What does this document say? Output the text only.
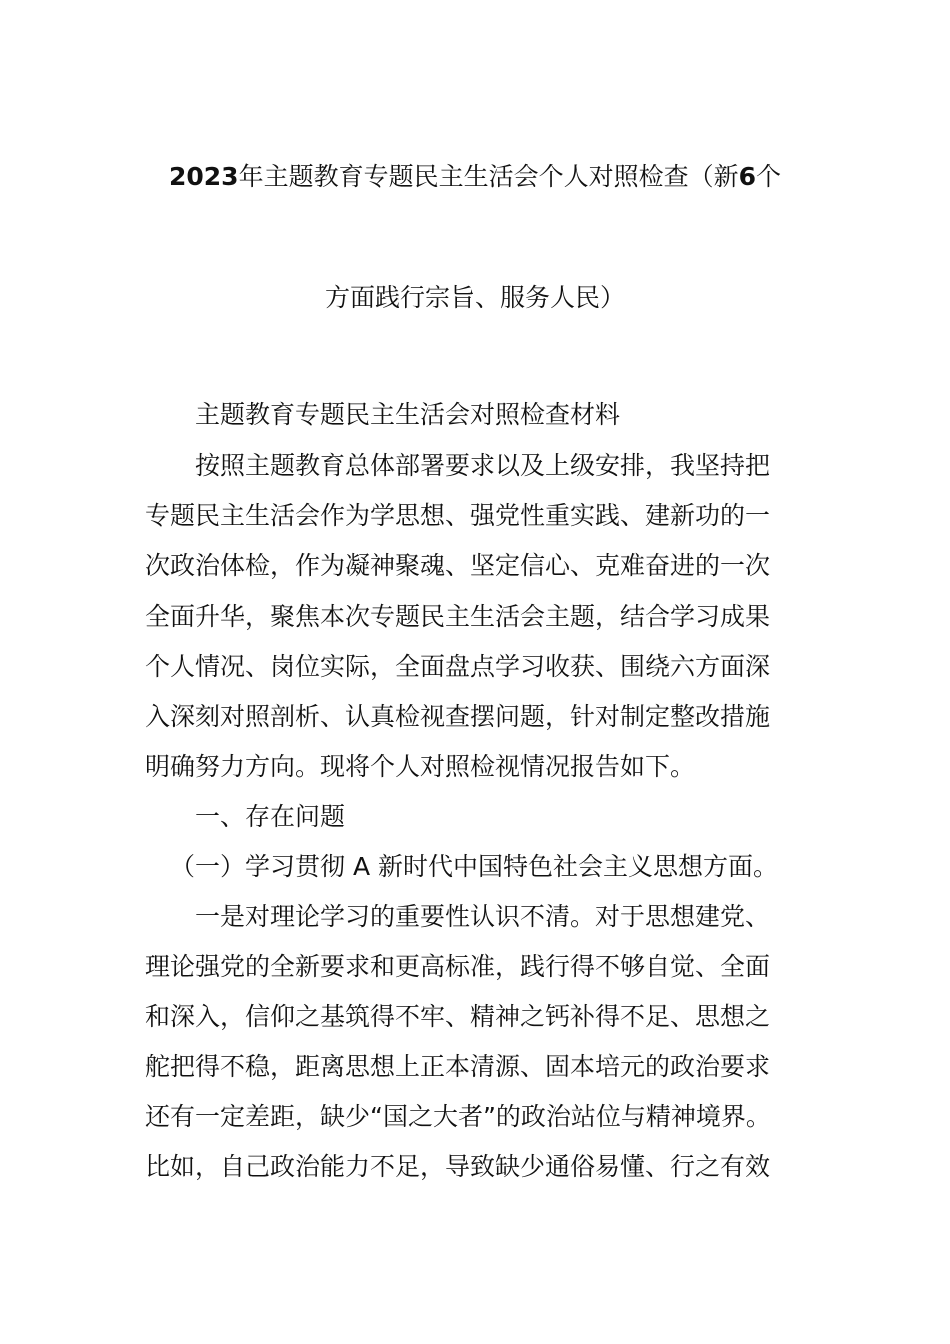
2023年主题教育专题民主生活会个人对照检查（新6个
方面践行宗旨、服务人民）
主题教育专题民主生活会对照检查材料
按照主题教育总体部署要求以及上级安排，我坚持把
专题民主生活会作为学思想、强党性重实践、建新功的一
次政治体检，作为凝神聚魂、坚定信心、克难奋进的一次
全面升华，聚焦本次专题民主生活会主题，结合学习成果
个人情况、岗位实际，全面盘点学习收获、围绕六方面深
入深刻对照剖析、认真检视查摆问题，针对制定整改措施
明确努力方向。现将个人对照检视情况报告如下。
一、存在问题
（一）学习贯彻 A 新时代中国特色社会主义思想方面。
一是对理论学习的重要性认识不清。对于思想建党、
理论强党的全新要求和更高标准，践行得不够自觉、全面
和深入，信仰之基筑得不牢、精神之钙补得不足、思想之
舵把得不稳，距离思想上正本清源、固本培元的政治要求
还有一定差距，缺少“国之大者”的政治站位与精神境界。
比如，自己政治能力不足，导致缺少通俗易懂、行之有效
